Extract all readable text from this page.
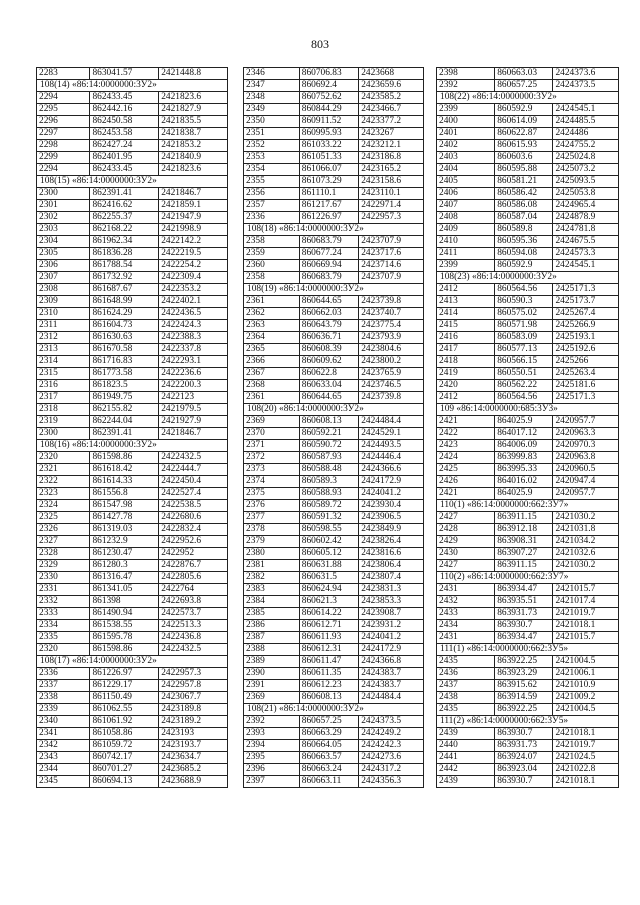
803
2283	863041.57	2421448.8
108(14) «86:14:0000000:3У2»		
2294	862433.45	2421823.6
2295	862442.16	2421827.9
2296	862450.58	2421835.5
2297	862453.58	2421838.7
2298	862427.24	2421853.2
2299	862401.95	2421840.9
2294	862433.45	2421823.6
108(15) «86:14:0000000:3У2»		
2300	862391.41	2421846.7
2301	862416.62	2421859.1
2302	862255.37	2421947.9
2303	862168.22	2421998.9
2304	861962.34	2422142.2
2305	861836.28	2422219.5
2306	861788.54	2422254.2
2307	861732.92	2422309.4
2308	861687.67	2422353.2
2309	861648.99	2422402.1
2310	861624.29	2422436.5
2311	861604.73	2422424.3
2312	861630.63	2422388.3
2313	861670.58	2422337.8
2314	861716.83	2422293.1
2315	861773.58	2422236.6
2316	861823.5	2422200.3
2317	861949.75	2422123
2318	862155.82	2421979.5
2319	862244.04	2421927.9
2300	862391.41	2421846.7
108(16) «86:14:0000000:3У2»		
2320	861598.86	2422432.5
2321	861618.42	2422444.7
2322	861614.33	2422450.4
2323	861556.8	2422527.4
2324	861547.98	2422538.5
2325	861427.78	2422680.6
2326	861319.03	2422832.4
2327	861232.9	2422952.6
2328	861230.47	2422952
2329	861280.3	2422876.7
2330	861316.47	2422805.6
2331	861341.05	2422764
2332	861398	2422693.8
2333	861490.94	2422573.7
2334	861538.55	2422513.3
2335	861595.78	2422436.8
2320	861598.86	2422432.5
108(17) «86:14:0000000:3У2»		
2336	861226.97	2422957.3
2337	861229.17	2422957.8
2338	861150.49	2423067.7
2339	861062.55	2423189.8
2340	861061.92	2423189.2
2341	861058.86	2423193
2342	861059.72	2423193.7
2343	860742.17	2423634.7
2344	860701.27	2423685.2
2345	860694.13	2423688.9
2346	860706.83	2423668
2347	860692.4	2423659.6
2348	860752.62	2423585.2
2349	860844.29	2423466.7
2350	860911.52	2423377.2
2351	860995.93	2423267
2352	861033.22	2423212.1
2353	861051.33	2423186.8
2354	861066.07	2423165.2
2355	861073.29	2423158.6
2356	861110.1	2423110.1
2357	861217.67	2422971.4
2336	861226.97	2422957.3
108(18) «86:14:0000000:3У2»		
2358	860683.79	2423707.9
2359	860677.24	2423717.6
2360	860669.94	2423714.6
2358	860683.79	2423707.9
108(19) «86:14:0000000:3У2»		
2361	860644.65	2423739.8
2362	860662.03	2423740.7
2363	860643.79	2423775.4
2364	860636.71	2423793.9
2365	860608.39	2423804.6
2366	860609.62	2423800.2
2367	860622.8	2423765.9
2368	860633.04	2423746.5
2361	860644.65	2423739.8
108(20) «86:14:0000000:3У2»		
2369	860608.13	2424484.4
2370	860592.21	2424529.1
2371	860590.72	2424493.5
2372	860587.93	2424446.4
2373	860588.48	2424366.6
2374	860589.3	2424172.9
2375	860588.93	2424041.2
2376	860589.72	2423930.4
2377	860591.32	2423906.5
2378	860598.55	2423849.9
2379	860602.42	2423826.4
2380	860605.12	2423816.6
2381	860631.88	2423806.4
2382	860631.5	2423807.4
2383	860624.94	2423831.3
2384	860621.3	2423853.3
2385	860614.22	2423908.7
2386	860612.71	2423931.2
2387	860611.93	2424041.2
2388	860612.31	2424172.9
2389	860611.47	2424366.8
2390	860611.35	2424383.7
2391	860612.23	2424383.7
2369	860608.13	2424484.4
108(21) «86:14:0000000:3У2»		
2392	860657.25	2424373.5
2393	860663.29	2424249.2
2394	860664.05	2424242.3
2395	860663.57	2424273.6
2396	860663.24	2424317.2
2397	860663.11	2424356.3
2398	860663.03	2424373.6
2392	860657.25	2424373.5
108(22) «86:14:0000000:3У2»		
2399	860592.9	2424545.1
2400	860614.09	2424485.5
2401	860622.87	2424486
2402	860615.93	2424755.2
2403	860603.6	2425024.8
2404	860595.88	2425073.2
2405	860581.21	2425093.5
2406	860586.42	2425053.8
2407	860586.08	2424965.4
2408	860587.04	2424878.9
2409	860589.8	2424781.8
2410	860595.36	2424675.5
2411	860594.08	2424573.3
2399	860592.9	2424545.1
108(23) «86:14:0000000:3У2»		
2412	860564.56	2425171.3
2413	860590.3	2425173.7
2414	860575.02	2425267.4
2415	860571.98	2425266.9
2416	860583.09	2425193.1
2417	860577.13	2425192.6
2418	860566.15	2425266
2419	860550.51	2425263.4
2420	860562.22	2425181.6
2412	860564.56	2425171.3
109 «86:14:0000000:685:3У3»		
2421	864025.9	2420957.7
2422	864017.12	2420963.3
2423	864006.09	2420970.3
2424	863999.83	2420963.8
2425	863995.33	2420960.5
2426	864016.02	2420947.4
2421	864025.9	2420957.7
110(1) «86:14:0000000:662:3У7»		
2427	863911.15	2421030.2
2428	863912.18	2421031.8
2429	863908.31	2421034.2
2430	863907.27	2421032.6
2427	863911.15	2421030.2
110(2) «86:14:0000000:662:3У7»		
2431	863934.47	2421015.7
2432	863935.51	2421017.4
2433	863931.73	2421019.7
2434	863930.7	2421018.1
2431	863934.47	2421015.7
111(1) «86:14:0000000:662:3У5»		
2435	863922.25	2421004.5
2436	863923.29	2421006.1
2437	863915.62	2421010.9
2438	863914.59	2421009.2
2435	863922.25	2421004.5
111(2) «86:14:0000000:662:3У5»		
2439	863930.7	2421018.1
2440	863931.73	2421019.7
2441	863924.07	2421024.5
2442	863923.04	2421022.8
2439	863930.7	2421018.1
